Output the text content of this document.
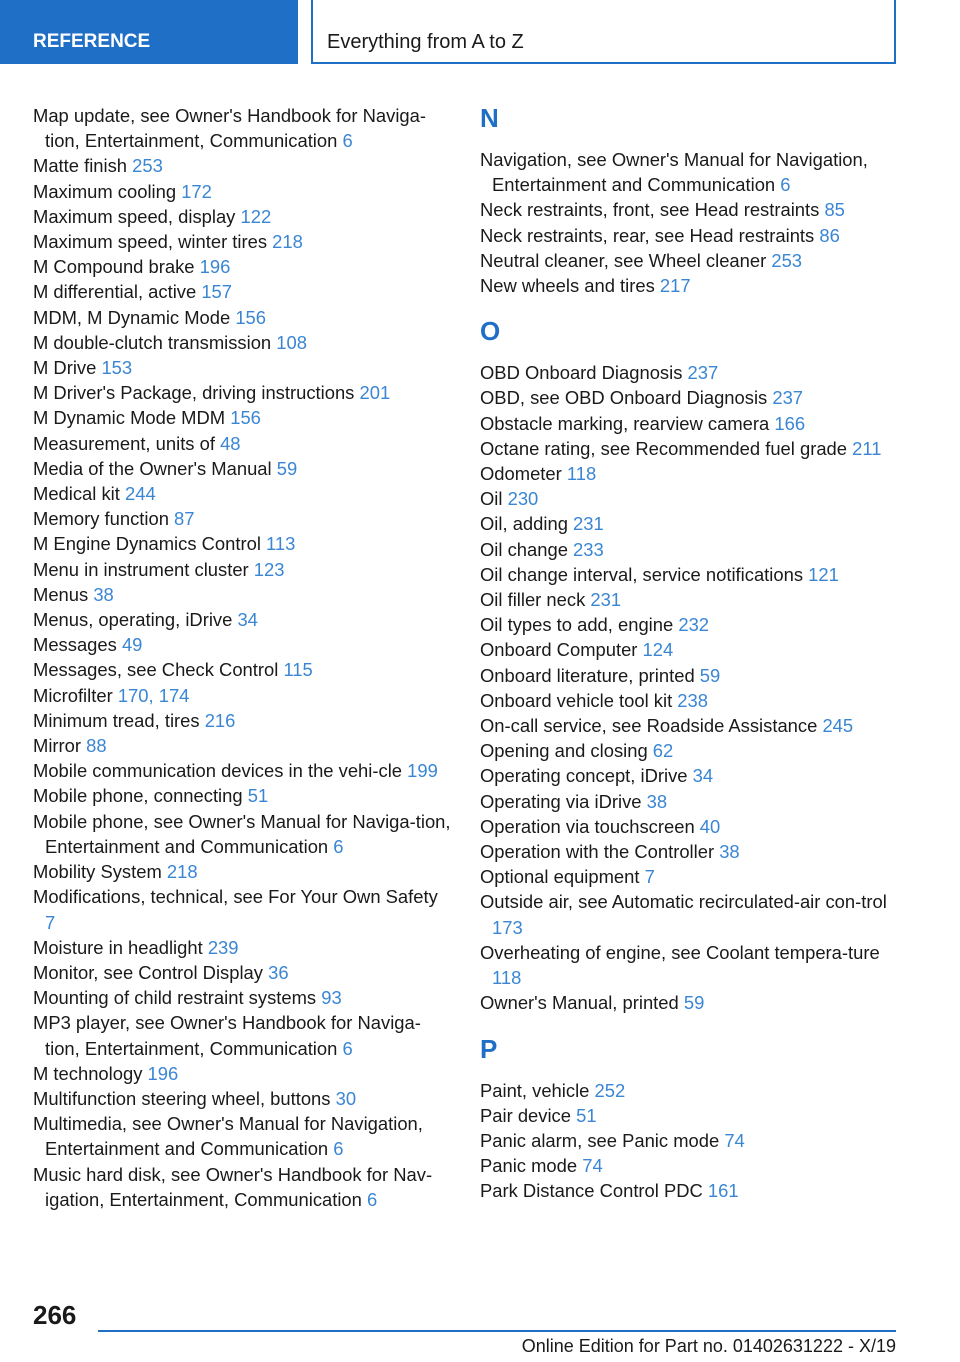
REFERENCE	Everything from A to Z
Map update, see Owner's Handbook for Naviga‐tion, Entertainment, Communication 6
Matte finish 253
Maximum cooling 172
Maximum speed, display 122
Maximum speed, winter tires 218
M Compound brake 196
M differential, active 157
MDM, M Dynamic Mode 156
M double-clutch transmission 108
M Drive 153
M Driver's Package, driving instructions 201
M Dynamic Mode MDM 156
Measurement, units of 48
Media of the Owner's Manual 59
Medical kit 244
Memory function 87
M Engine Dynamics Control 113
Menu in instrument cluster 123
Menus 38
Menus, operating, iDrive 34
Messages 49
Messages, see Check Control 115
Microfilter 170, 174
Minimum tread, tires 216
Mirror 88
Mobile communication devices in the vehi‐cle 199
Mobile phone, connecting 51
Mobile phone, see Owner's Manual for Naviga‐tion, Entertainment and Communication 6
Mobility System 218
Modifications, technical, see For Your Own Safety 7
Moisture in headlight 239
Monitor, see Control Display 36
Mounting of child restraint systems 93
MP3 player, see Owner's Handbook for Naviga‐tion, Entertainment, Communication 6
M technology 196
Multifunction steering wheel, buttons 30
Multimedia, see Owner's Manual for Navigation, Entertainment and Communication 6
Music hard disk, see Owner's Handbook for Nav‐igation, Entertainment, Communication 6
N
Navigation, see Owner's Manual for Navigation, Entertainment and Communication 6
Neck restraints, front, see Head restraints 85
Neck restraints, rear, see Head restraints 86
Neutral cleaner, see Wheel cleaner 253
New wheels and tires 217
O
OBD Onboard Diagnosis 237
OBD, see OBD Onboard Diagnosis 237
Obstacle marking, rearview camera 166
Octane rating, see Recommended fuel grade 211
Odometer 118
Oil 230
Oil, adding 231
Oil change 233
Oil change interval, service notifications 121
Oil filler neck 231
Oil types to add, engine 232
Onboard Computer 124
Onboard literature, printed 59
Onboard vehicle tool kit 238
On-call service, see Roadside Assistance 245
Opening and closing 62
Operating concept, iDrive 34
Operating via iDrive 38
Operation via touchscreen 40
Operation with the Controller 38
Optional equipment 7
Outside air, see Automatic recirculated-air con‐trol 173
Overheating of engine, see Coolant tempera‐ture 118
Owner's Manual, printed 59
P
Paint, vehicle 252
Pair device 51
Panic alarm, see Panic mode 74
Panic mode 74
Park Distance Control PDC 161
266
Online Edition for Part no. 01402631222 - X/19
